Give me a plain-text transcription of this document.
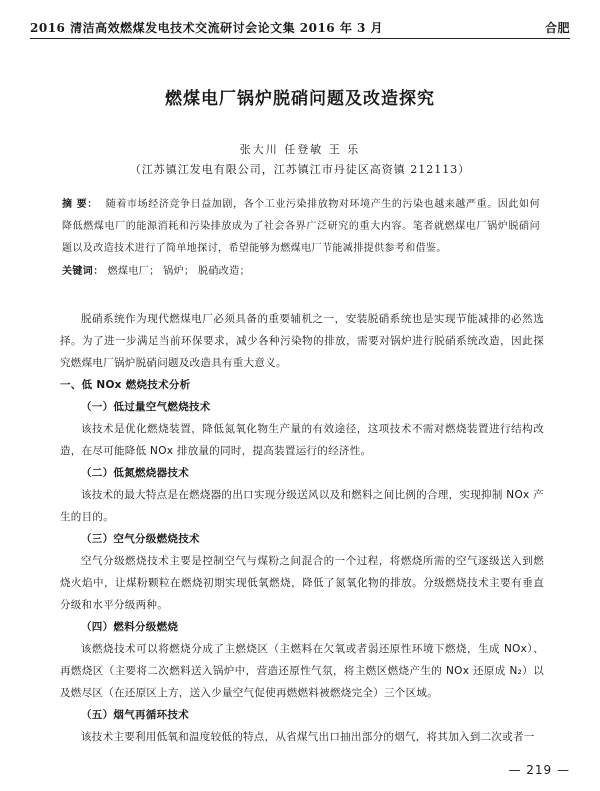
2016 清洁高效燃煤发电技术交流研讨会论文集 2016 年 3 月	合肥
燃煤电厂锅炉脱硝问题及改造探究
张大川 任登敏 王 乐
（江苏镇江发电有限公司，江苏镇江市丹徒区高资镇 212113）
摘 要： 随着市场经济竞争日益加剧，各个工业污染排放物对环境产生的污染也越来越严重。因此如何降低燃煤电厂的能源消耗和污染排放成为了社会各界广泛研究的重大内容。笔者就燃煤电厂锅炉脱硝问题以及改造技术进行了简单地探讨，希望能够为燃煤电厂节能减排提供参考和借鉴。
关键词： 燃煤电厂； 锅炉； 脱硝改造；

脱硝系统作为现代燃煤电厂必须具备的重要辅机之一，安装脱硝系统也是实现节能减排的必然选择。为了进一步满足当前环保要求，减少各种污染物的排放，需要对锅炉进行脱硝系统改造，因此探究燃煤电厂锅炉脱硝问题及改造具有重大意义。

一、低 NOx 燃烧技术分析
（一）低过量空气燃烧技术

该技术是优化燃烧装置，降低氮氧化物生产量的有效途径，这项技术不需对燃烧装置进行结构改造，在尽可能降低 NOx 排放量的同时，提高装置运行的经济性。

（二）低氮燃烧器技术

该技术的最大特点是在燃烧器的出口实现分级送风以及和燃料之间比例的合理，实现抑制 NOx 产生的目的。

（三）空气分级燃烧技术

空气分级燃烧技术主要是控制空气与煤粉之间混合的一个过程，将燃烧所需的空气逐级送入到燃烧火焰中，让煤粉颗粒在燃烧初期实现低氧燃烧，降低了氮氧化物的排放。分级燃烧技术主要有垂直分级和水平分级两种。

（四）燃料分级燃烧

该燃烧技术可以将燃烧分成了主燃烧区（主燃料在欠氧或者弱还原性环境下燃烧，生成 NOx）、再燃烧区（主要将二次燃料送入锅炉中，营造还原性气氛，将主燃区燃烧产生的 NOx 还原成 N₂）以及燃尽区（在还原区上方，送入少量空气促使再燃燃料被燃烧完全）三个区域。

（五）烟气再循环技术

该技术主要利用低氧和温度较低的特点，从省煤气出口抽出部分的烟气，将其加入到二次或者一

— 219 —
